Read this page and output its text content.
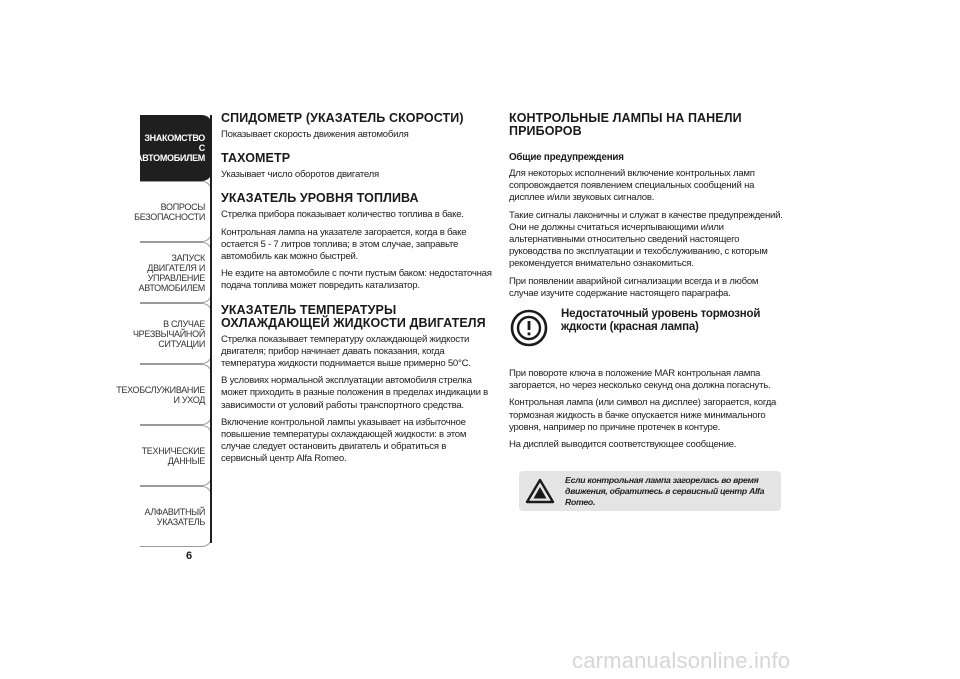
ЗНАКОМСТВО С
АВТОМОБИЛЕМ
ВОПРОСЫ
БЕЗОПАСНОСТИ
ЗАПУСК ДВИГАТЕЛЯ И
УПРАВЛЕНИЕ
АВТОМОБИЛЕМ
В СЛУЧАЕ
ЧРЕЗВЫЧАЙНОЙ
СИТУАЦИИ
ТЕХОБСЛУЖИВАНИЕ
И УХОД
ТЕХНИЧЕСКИЕ
ДАННЫЕ
АЛФАВИТНЫЙ
УКАЗАТЕЛЬ
6
СПИДОМЕТР (УКАЗАТЕЛЬ СКОРОСТИ)

Показывает скорость движения автомобиля

ТАХОМЕТР

Указывает число оборотов двигателя

УКАЗАТЕЛЬ УРОВНЯ ТОПЛИВА

Стрелка прибора показывает количество топлива в баке.

Контрольная лампа на указателе загорается, когда в баке остается 5 - 7 литров топлива; в этом случае, заправьте автомобиль как можно быстрей.

Не ездите на автомобиле с почти пустым баком: недостаточная подача топлива может повредить катализатор.

УКАЗАТЕЛЬ ТЕМПЕРАТУРЫ ОХЛАЖДАЮЩЕЙ ЖИДКОСТИ ДВИГАТЕЛЯ

Стрелка показывает температуру охлаждающей жидкости двигателя; прибор начинает давать показания, когда температура жидкости поднимается выше примерно 50°C.

В условиях нормальной эксплуатации автомобиля стрелка может приходить в разные положения в пределах индикации в зависимости от условий работы транспортного средства.

Включение контрольной лампы указывает на избыточное повышение температуры охлаждающей жидкости: в этом случае следует остановить двигатель и обратиться в сервисный центр Alfa Romeo.

КОНТРОЛЬНЫЕ ЛАМПЫ НА ПАНЕЛИ ПРИБОРОВ
Общие предупреждения

Для некоторых исполнений включение контрольных ламп сопровождается появлением специальных сообщений на дисплее и/или звуковых сигналов.

Такие сигналы лаконичны и служат в качестве предупреждений. Они не должны считаться исчерпывающими и/или альтернативными относительно сведений настоящего руководства по эксплуатации и техобслуживанию, с которым рекомендуется внимательно ознакомиться.

При появлении аварийной сигнализации всегда и в любом случае изучите содержание настоящего параграфа.

Недостаточный уровень тормозной ждкости (красная лампа)

При повороте ключа в положение MAR контрольная лампа загорается, но через несколько секунд она должна погаснуть.

Контрольная лампа (или символ на дисплее) загорается, когда тормозная жидкость в бачке опускается ниже минимального уровня, например по причине протечек в контуре.

На дисплей выводится соответствующее сообщение.

Если контрольная лампа загорелась во время движения, обратитесь в сервисный центр Alfa Romeo.
carmanualsonline.info
